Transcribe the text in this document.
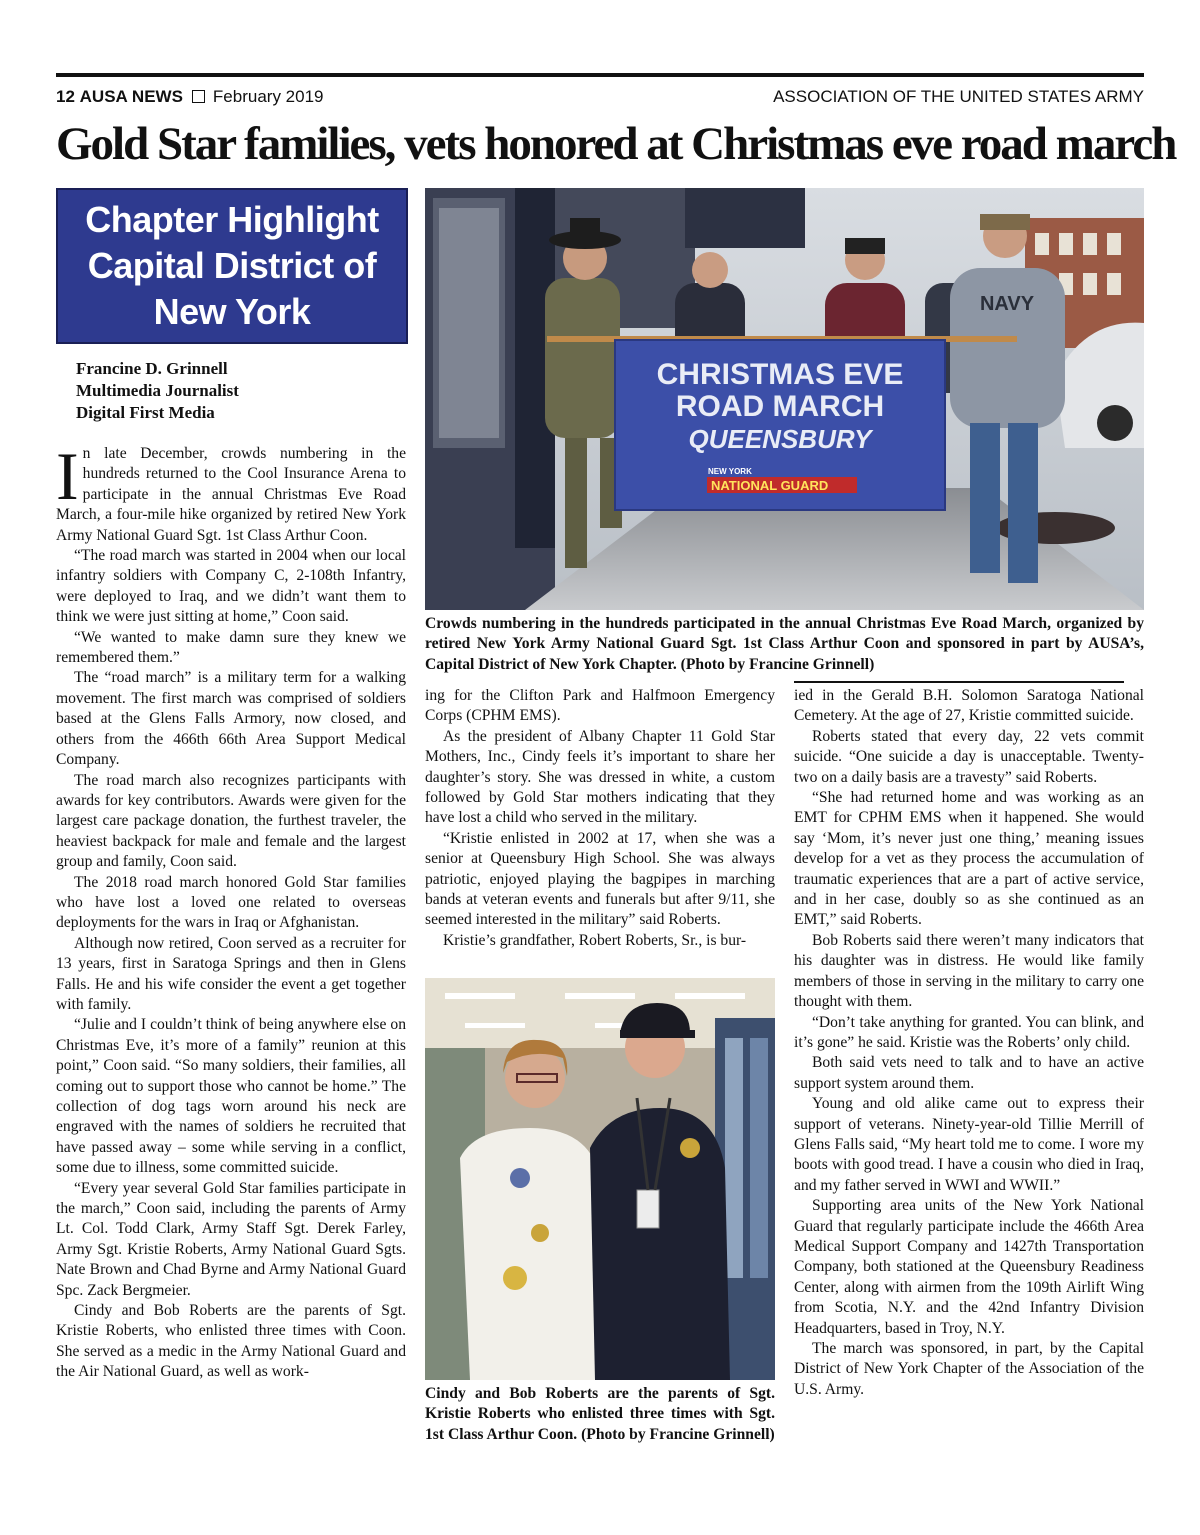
12 AUSA NEWS February 2019	ASSOCIATION OF THE UNITED STATES ARMY
Gold Star families, vets honored at Christmas eve road march
Chapter Highlight
Capital District of
New York
Francine D. Grinnell
Multimedia Journalist
Digital First Media
NAVY
CHRISTMAS EVE
ROAD MARCH
QUEENSBURY
NEW YORK
NATIONAL GUARD
Crowds numbering in the hundreds participated in the annual Christmas Eve Road March, organized by retired New York Army National Guard Sgt. 1st Class Arthur Coon and sponsored in part by AUSA’s, Capital District of New York Chapter. (Photo by Francine Grinnell)
Cindy and Bob Roberts are the parents of Sgt. Kristie Roberts who enlisted three times with Sgt. 1st Class Arthur Coon. (Photo by Francine Grinnell)

In late December, crowds numbering in the hundreds returned to the Cool Insurance Arena to participate in the annual Christmas Eve Road March, a four-mile hike organized by retired New York Army National Guard Sgt. 1st Class Arthur Coon.

“The road march was started in 2004 when our local infantry soldiers with Company C, 2-108th Infantry, were deployed to Iraq, and we didn’t want them to think we were just sitting at home,” Coon said.

“We wanted to make damn sure they knew we remembered them.”

The “road march” is a military term for a walking movement. The first march was comprised of soldiers based at the Glens Falls Armory, now closed, and others from the 466th 66th Area Support Medical Company.

The road march also recognizes participants with awards for key contributors. Awards were given for the largest care package donation, the furthest traveler, the heaviest backpack for male and female and the largest group and family, Coon said.

The 2018 road march honored Gold Star families who have lost a loved one related to overseas deployments for the wars in Iraq or Afghanistan.

Although now retired, Coon served as a recruiter for 13 years, first in Saratoga Springs and then in Glens Falls. He and his wife consider the event a get together with family.

“Julie and I couldn’t think of being anywhere else on Christmas Eve, it’s more of a family” reunion at this point,” Coon said. “So many soldiers, their families, all coming out to support those who cannot be home.” The collection of dog tags worn around his neck are engraved with the names of soldiers he recruited that have passed away – some while serving in a conflict, some due to illness, some committed suicide.

“Every year several Gold Star families participate in the march,” Coon said, including the parents of Army Lt. Col. Todd Clark, Army Staff Sgt. Derek Farley, Army Sgt. Kristie Roberts, Army National Guard Sgts. Nate Brown and Chad Byrne and Army National Guard Spc. Zack Bergmeier.

Cindy and Bob Roberts are the parents of Sgt. Kristie Roberts, who enlisted three times with Coon. She served as a medic in the Army National Guard and the Air National Guard, as well as work-

ing for the Clifton Park and Halfmoon Emergency Corps (CPHM EMS).

As the president of Albany Chapter 11 Gold Star Mothers, Inc., Cindy feels it’s important to share her daughter’s story. She was dressed in white, a custom followed by Gold Star mothers indicating that they have lost a child who served in the military.

“Kristie enlisted in 2002 at 17, when she was a senior at Queensbury High School. She was always patriotic, enjoyed playing the bagpipes in marching bands at veteran events and funerals but after 9/11, she seemed interested in the military” said Roberts.

Kristie’s grandfather, Robert Roberts, Sr., is bur-

ied in the Gerald B.H. Solomon Saratoga National Cemetery. At the age of 27, Kristie committed suicide.

Roberts stated that every day, 22 vets commit suicide. “One suicide a day is unacceptable. Twenty-two on a daily basis are a travesty” said Roberts.

“She had returned home and was working as an EMT for CPHM EMS when it happened. She would say ‘Mom, it’s never just one thing,’ meaning issues develop for a vet as they process the accumulation of traumatic experiences that are a part of active service, and in her case, doubly so as she continued as an EMT,” said Roberts.

Bob Roberts said there weren’t many indicators that his daughter was in distress. He would like family members of those in serving in the military to carry one thought with them.

“Don’t take anything for granted. You can blink, and it’s gone” he said. Kristie was the Roberts’ only child.

Both said vets need to talk and to have an active support system around them.

Young and old alike came out to express their support of veterans. Ninety-year-old Tillie Merrill of Glens Falls said, “My heart told me to come. I wore my boots with good tread. I have a cousin who died in Iraq, and my father served in WWI and WWII.”

Supporting area units of the New York National Guard that regularly participate include the 466th Area Medical Support Company and 1427th Transportation Company, both stationed at the Queensbury Readiness Center, along with airmen from the 109th Airlift Wing from Scotia, N.Y. and the 42nd Infantry Division Headquarters, based in Troy, N.Y.

The march was sponsored, in part, by the Capital District of New York Chapter of the Association of the U.S. Army.
